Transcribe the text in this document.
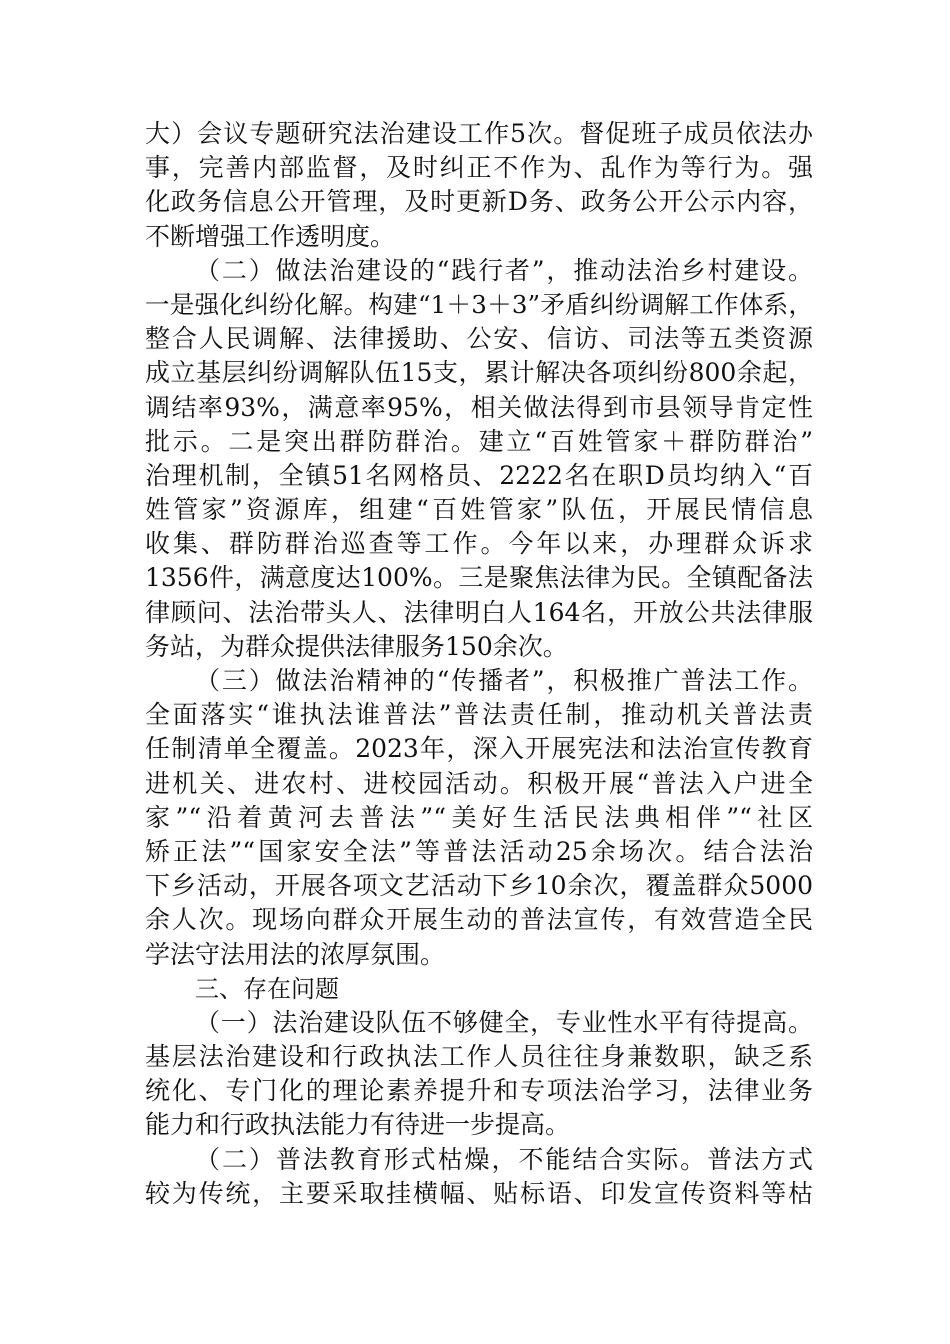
大）会议专题研究法治建设工作5次。督促班子成员依法办
事，完善内部监督，及时纠正不作为、乱作为等行为。强
化政务信息公开管理，及时更新D务、政务公开公示内容，
不断增强工作透明度。
（二）做法治建设的“践行者”，推动法治乡村建设。
一是强化纠纷化解。构建“1＋3＋3”矛盾纠纷调解工作体系，
整合人民调解、法律援助、公安、信访、司法等五类资源
成立基层纠纷调解队伍15支，累计解决各项纠纷800余起，
调结率93%，满意率95%，相关做法得到市县领导肯定性
批示。二是突出群防群治。建立“百姓管家＋群防群治”
治理机制，全镇51名网格员、2222名在职D员均纳入“百
姓管家”资源库，组建“百姓管家”队伍，开展民情信息
收集、群防群治巡查等工作。今年以来，办理群众诉求
1356件，满意度达100%。三是聚焦法律为民。全镇配备法
律顾问、法治带头人、法律明白人164名，开放公共法律服
务站，为群众提供法律服务150余次。
（三）做法治精神的“传播者”，积极推广普法工作。
全面落实“谁执法谁普法”普法责任制，推动机关普法责
任制清单全覆盖。2023年，深入开展宪法和法治宣传教育
进机关、进农村、进校园活动。积极开展“普法入户进全
家”“沿着黄河去普法”“美好生活民法典相伴”“社区
矫正法”“国家安全法”等普法活动25余场次。结合法治
下乡活动，开展各项文艺活动下乡10余次，覆盖群众5000
余人次。现场向群众开展生动的普法宣传，有效营造全民
学法守法用法的浓厚氛围。
三、存在问题
（一）法治建设队伍不够健全，专业性水平有待提高。
基层法治建设和行政执法工作人员往往身兼数职，缺乏系
统化、专门化的理论素养提升和专项法治学习，法律业务
能力和行政执法能力有待进一步提高。
（二）普法教育形式枯燥，不能结合实际。普法方式
较为传统，主要采取挂横幅、贴标语、印发宣传资料等枯
